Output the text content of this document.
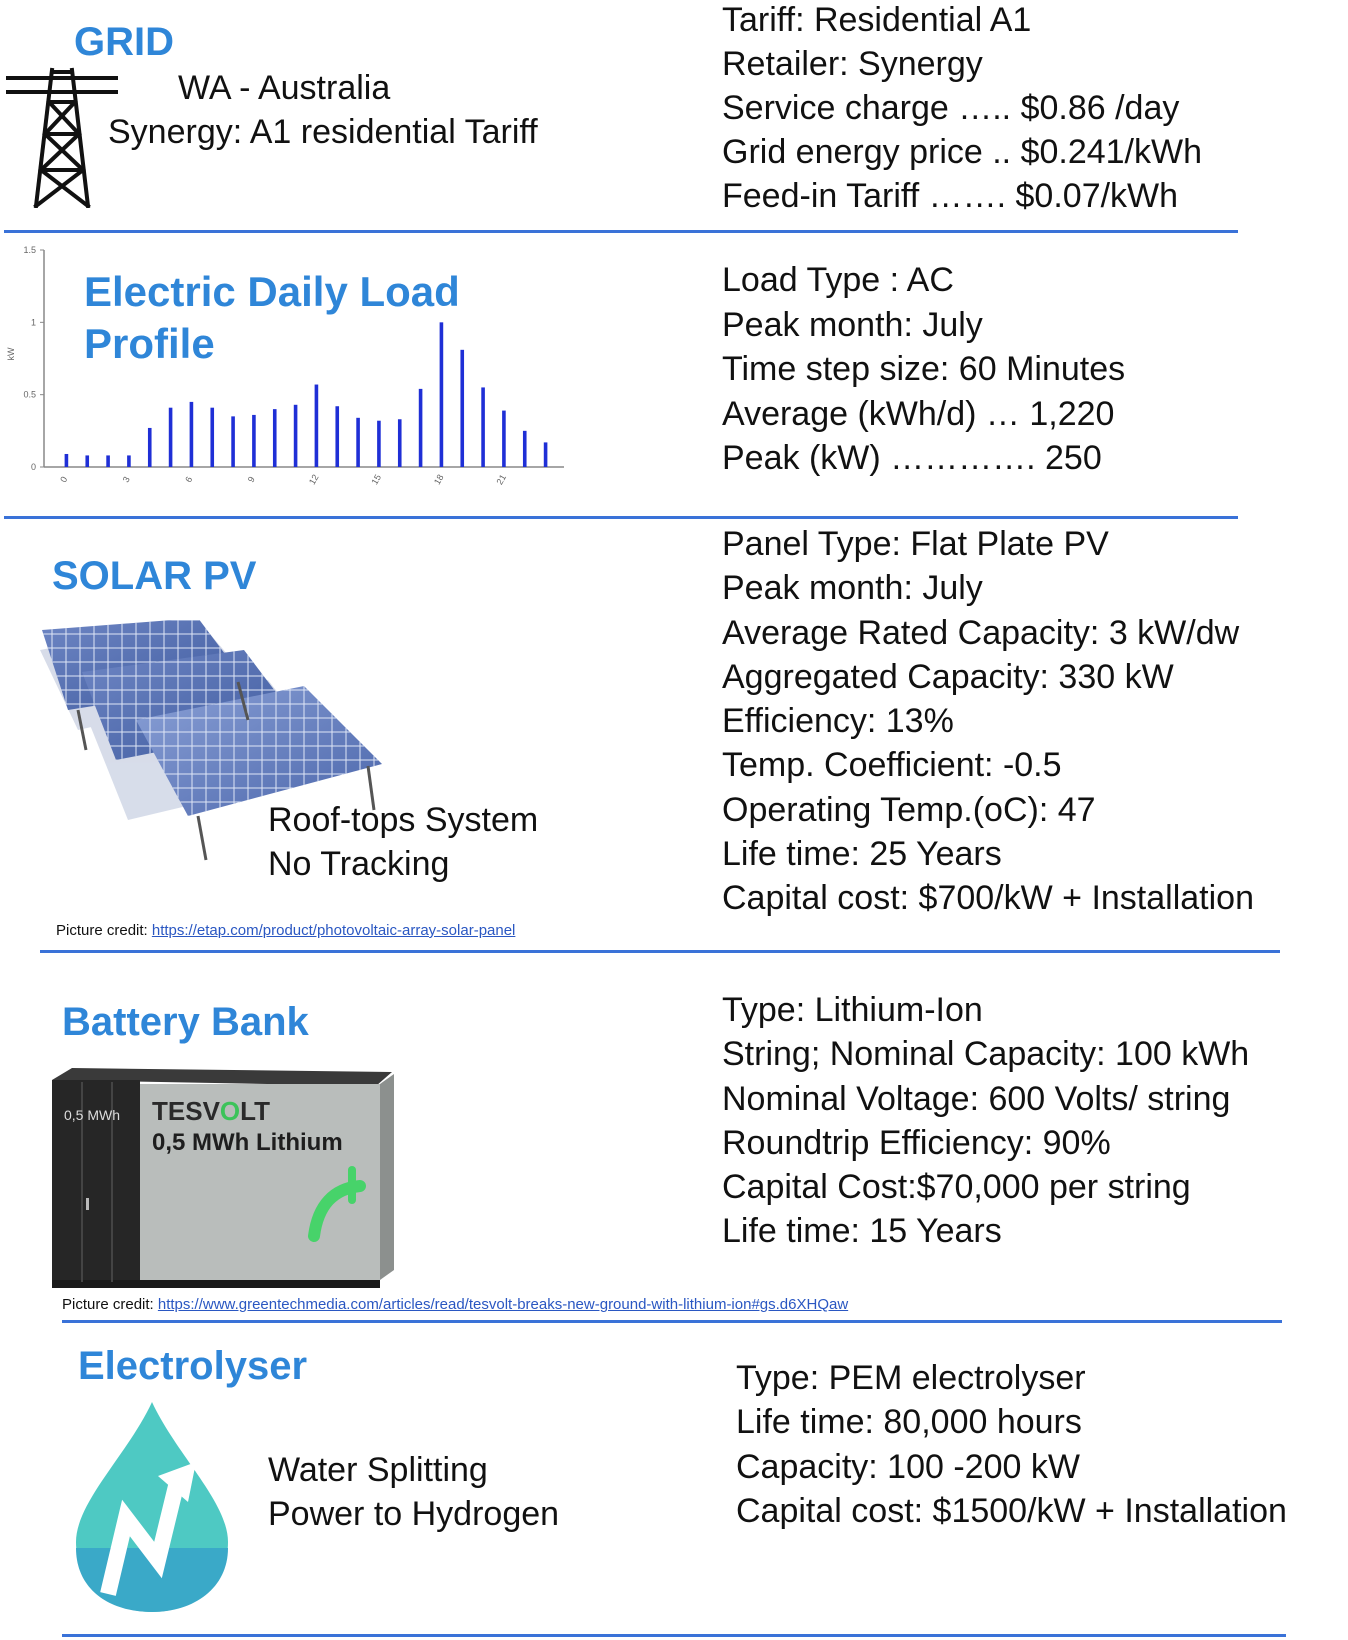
GRID
WA - Australia
Synergy: A1 residential Tariff
Tariff: Residential A1
Retailer: Synergy
Service charge ….. $0.86 /day
Grid energy price .. $0.241/kWh
Feed-in Tariff ……. $0.07/kWh
0
0.5
1
1.5
0	3	6	9	12	15	18	21
kW
Electric Daily Load
Profile
Load Type : AC
Peak month: July
Time step size: 60 Minutes
Average (kWh/d) … 1,220
Peak (kW) …………. 250
SOLAR PV
Roof-tops System
No Tracking
Picture credit: https://etap.com/product/photovoltaic-array-solar-panel
Panel Type: Flat Plate PV
Peak month: July
Average Rated Capacity: 3 kW/dw
Aggregated Capacity: 330 kW
Efficiency: 13%
Temp. Coefficient: -0.5
Operating Temp.(oC): 47
Life time: 25 Years
Capital cost: $700/kW + Installation
Battery Bank
0,5 MWh TESVOLT
0,5 MWh Lithium
Picture credit: https://www.greentechmedia.com/articles/read/tesvolt-breaks-new-ground-with-lithium-ion#gs.d6XHQaw
Type: Lithium-Ion
String; Nominal Capacity: 100 kWh
Nominal Voltage: 600 Volts/ string
Roundtrip Efficiency: 90%
Capital Cost:$70,000 per string
Life time: 15 Years
Electrolyser
Water Splitting
Power to Hydrogen
Type: PEM electrolyser
Life time: 80,000 hours
Capacity: 100 -200 kW
Capital cost: $1500/kW + Installation
